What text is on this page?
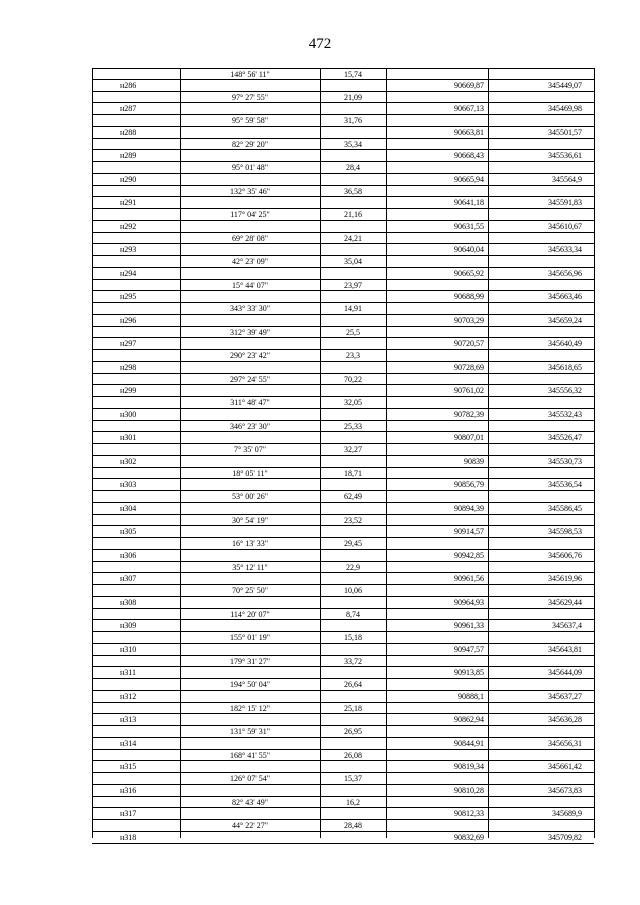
472
148° 56' 11"	15,74
н286	90669,87	345449,07
97° 27' 55"	21,09
н287	90667,13	345469,98
95° 59' 58"	31,76
н288	90663,81	345501,57
82° 29' 20"	35,34
н289	90668,43	345536,61
95° 01' 48"	28,4
н290	90665,94	345564,9
132° 35' 46"	36,58
н291	90641,18	345591,83
117° 04' 25"	21,16
н292	90631,55	345610,67
69° 28' 08"	24,21
н293	90640,04	345633,34
42° 23' 09"	35,04
н294	90665,92	345656,96
15° 44' 07"	23,97
н295	90688,99	345663,46
343° 33' 30"	14,91
н296	90703,29	345659,24
312° 39' 49"	25,5
н297	90720,57	345640,49
290° 23' 42"	23,3
н298	90728,69	345618,65
297° 24' 55"	70,22
н299	90761,02	345556,32
311° 48' 47"	32,05
н300	90782,39	345532,43
346° 23' 30"	25,33
н301	90807,01	345526,47
7° 35' 07"	32,27
н302	90839	345530,73
18° 05' 11"	18,71
н303	90856,79	345536,54
53° 00' 26"	62,49
н304	90894,39	345586,45
30° 54' 19"	23,52
н305	90914,57	345598,53
16° 13' 33"	29,45
н306	90942,85	345606,76
35° 12' 11"	22,9
н307	90961,56	345619,96
70° 25' 50"	10,06
н308	90964,93	345629,44
114° 20' 07"	8,74
н309	90961,33	345637,4
155° 01' 19"	15,18
н310	90947,57	345643,81
179° 31' 27"	33,72
н311	90913,85	345644,09
194° 50' 04"	26,64
н312	90888,1	345637,27
182° 15' 12"	25,18
н313	90862,94	345636,28
131° 59' 31"	26,95
н314	90844,91	345656,31
168° 41' 55"	26,08
н315	90819,34	345661,42
126° 07' 54"	15,37
н316	90810,28	345673,83
82° 43' 49"	16,2
н317	90812,33	345689,9
44° 22' 27"	28,48
н318	90832,69	345709,82
